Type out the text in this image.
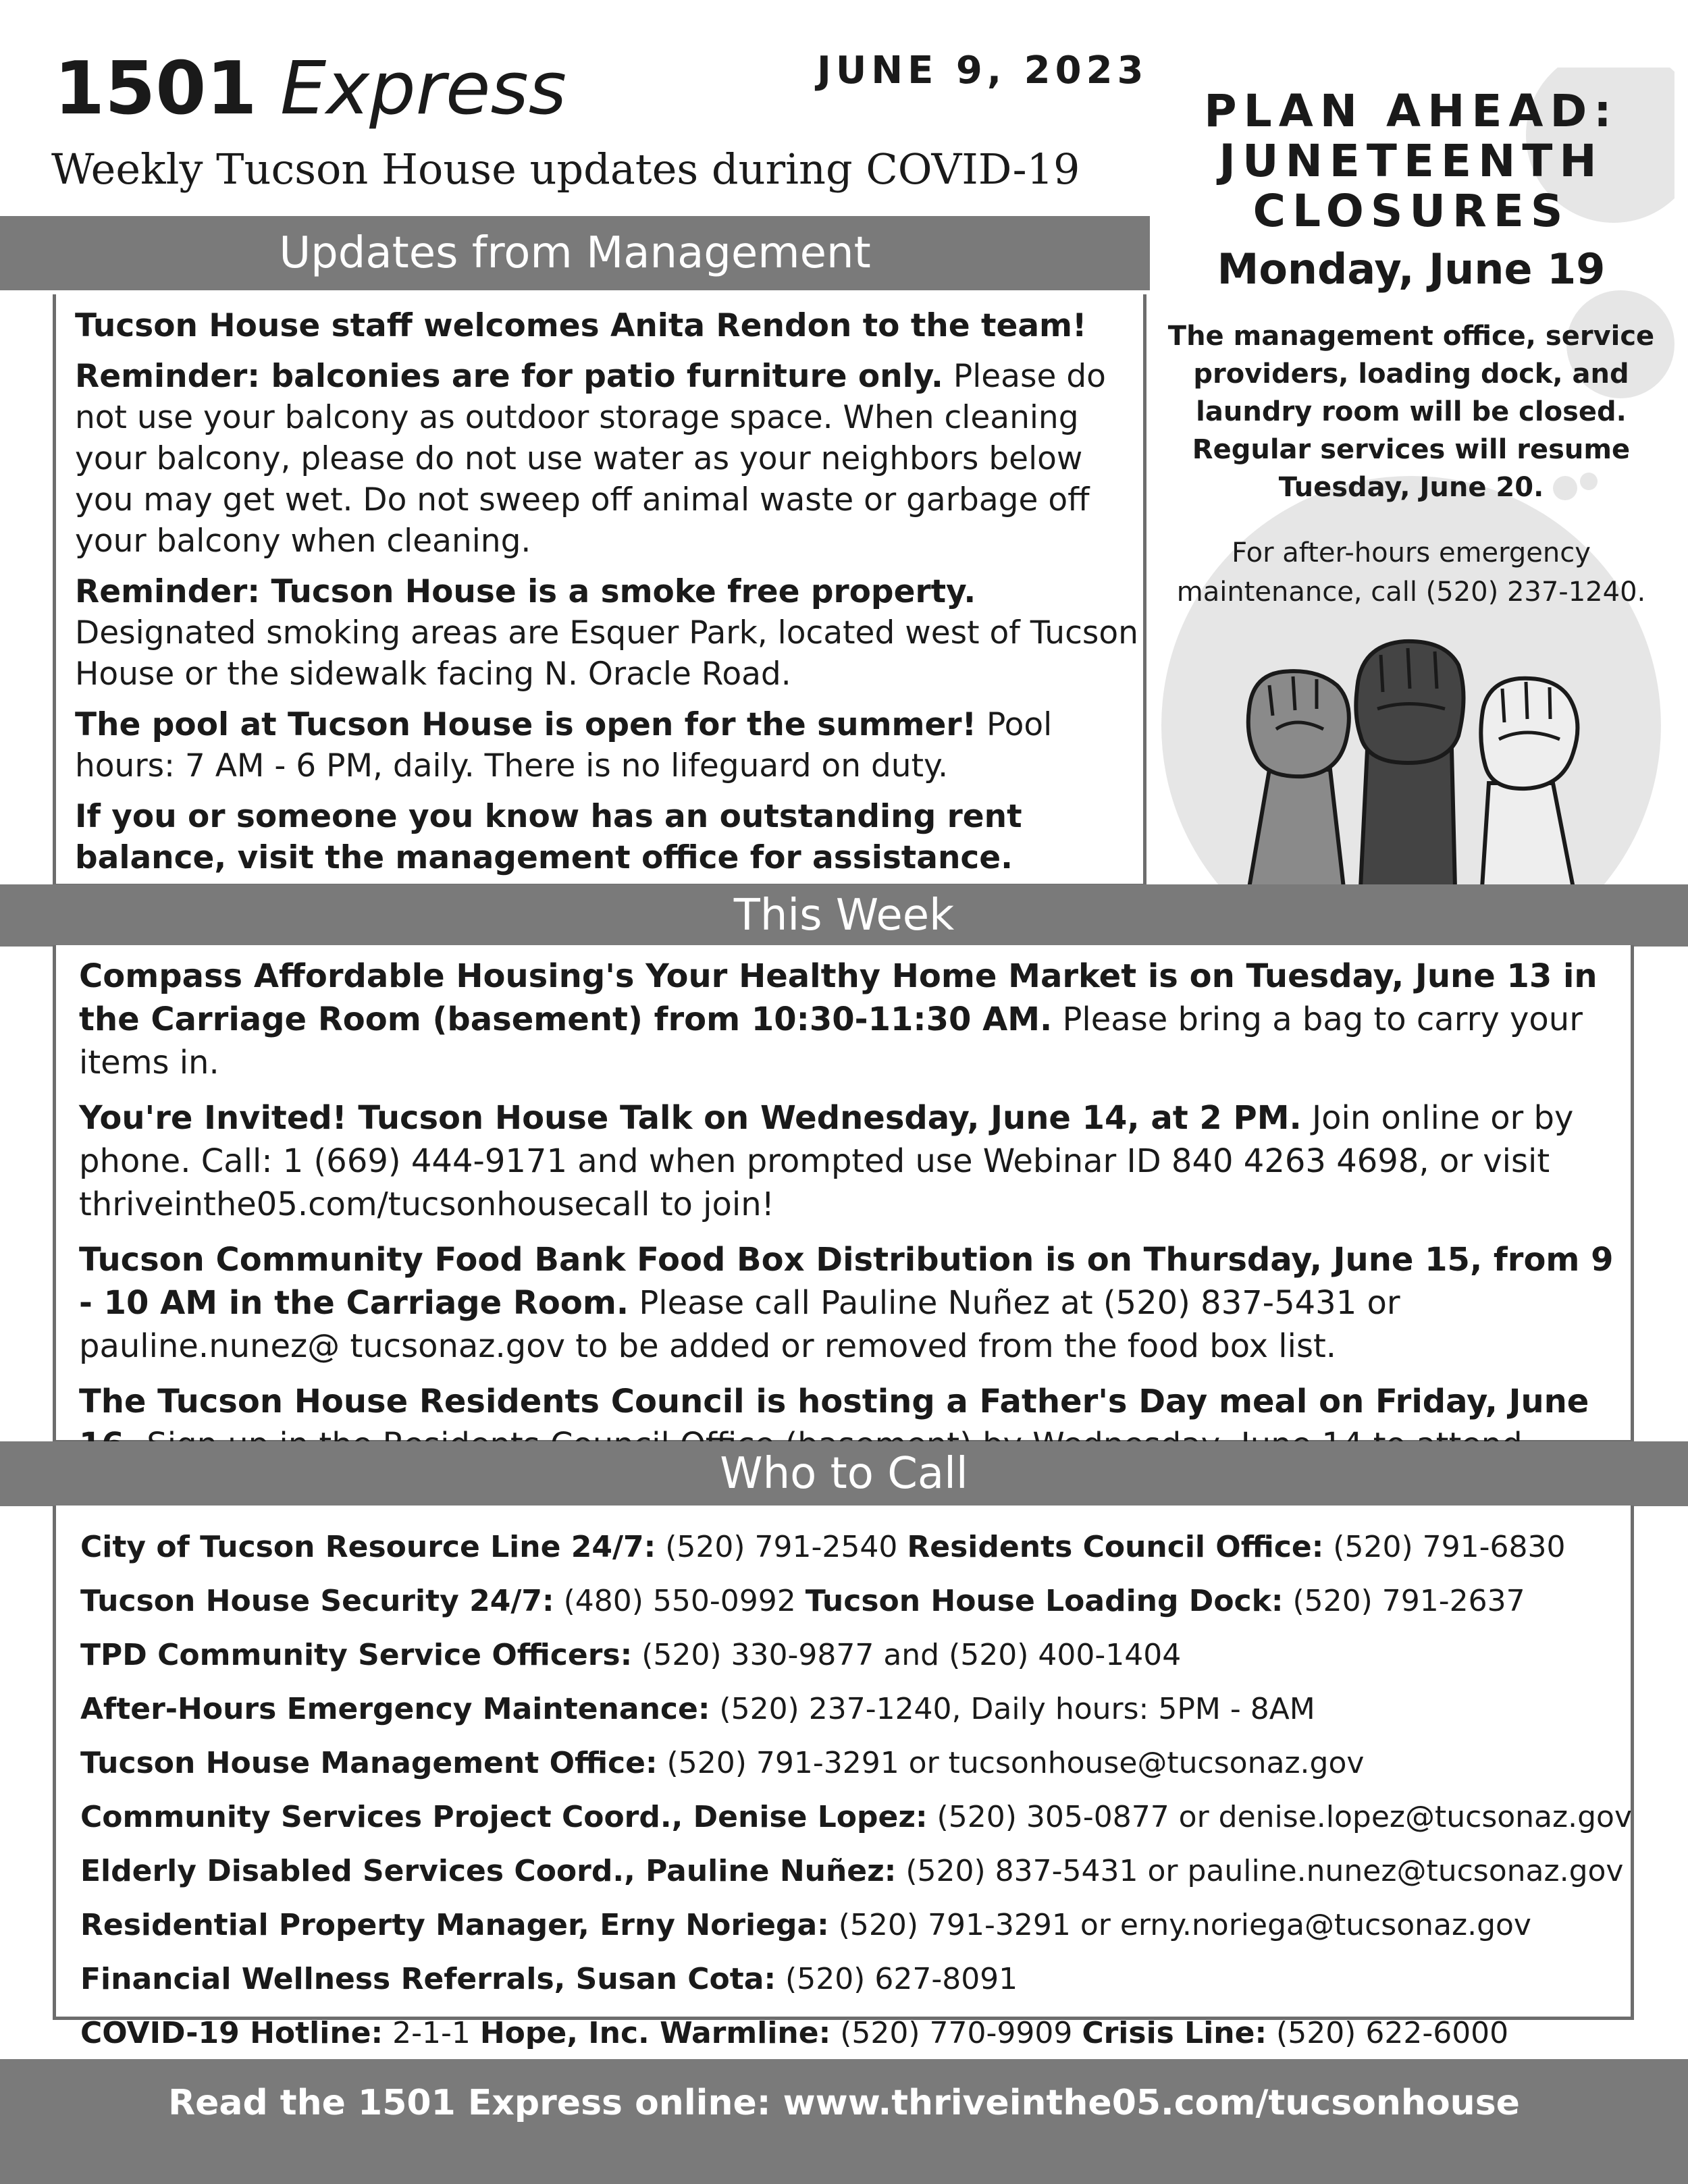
1501 Express
Weekly Tucson House updates during COVID-19
JUNE 9, 2023
PLAN AHEAD:
JUNETEENTH
CLOSURES
Monday, June 19
The management office, service
providers, loading dock, and
laundry room will be closed.
Regular services will resume
Tuesday, June 20.
For after-hours emergency
maintenance, call (520) 237-1240.
Updates from Management

Tucson House staff welcomes Anita Rendon to the team!

Reminder: balconies are for patio furniture only. Please do not use your balcony as outdoor storage space. When cleaning your balcony, please do not use water as your neighbors below you may get wet. Do not sweep off animal waste or garbage off your balcony when cleaning.

Reminder: Tucson House is a smoke free property. Designated smoking areas are Esquer Park, located west of Tucson House or the sidewalk facing N. Oracle Road.

The pool at Tucson House is open for the summer! Pool hours: 7 AM - 6 PM, daily. There is no lifeguard on duty.

If you or someone you know has an outstanding rent balance, visit the management office for assistance.

This Week

Compass Affordable Housing's Your Healthy Home Market is on Tuesday, June 13 in the Carriage Room (basement) from 10:30-11:30 AM. Please bring a bag to carry your items in.

You're Invited! Tucson House Talk on Wednesday, June 14, at 2 PM. Join online or by phone. Call: 1 (669) 444-9171 and when prompted use Webinar ID 840 4263 4698, or visit thriveinthe05.com/tucsonhousecall to join!

Tucson Community Food Bank Food Box Distribution is on Thursday, June 15, from 9 - 10 AM in the Carriage Room. Please call Pauline Nuñez at (520) 837-5431 or pauline.nunez@ tucsonaz.gov to be added or removed from the food box list.

The Tucson House Residents Council is hosting a Father's Day meal on Friday, June

Who to Call
City of Tucson Resource Line 24/7: (520) 791-2540 Residents Council Office: (520) 791-6830
Tucson House Security 24/7: (480) 550-0992 Tucson House Loading Dock: (520) 791-2637
TPD Community Service Officers: (520) 330-9877 and (520) 400-1404
After-Hours Emergency Maintenance: (520) 237-1240, Daily hours: 5PM - 8AM
Tucson House Management Office: (520) 791-3291 or tucsonhouse@tucsonaz.gov
Community Services Project Coord., Denise Lopez: (520) 305-0877 or denise.lopez@tucsonaz.gov
Elderly Disabled Services Coord., Pauline Nuñez: (520) 837-5431 or pauline.nunez@tucsonaz.gov
Residential Property Manager, Erny Noriega: (520) 791-3291 or erny.noriega@tucsonaz.gov
Financial Wellness Referrals, Susan Cota: (520) 627-8091
COVID-19 Hotline: 2-1-1 Hope, Inc. Warmline: (520) 770-9909 Crisis Line: (520) 622-6000
Read the 1501 Express online: www.thriveinthe05.com/tucsonhouse
